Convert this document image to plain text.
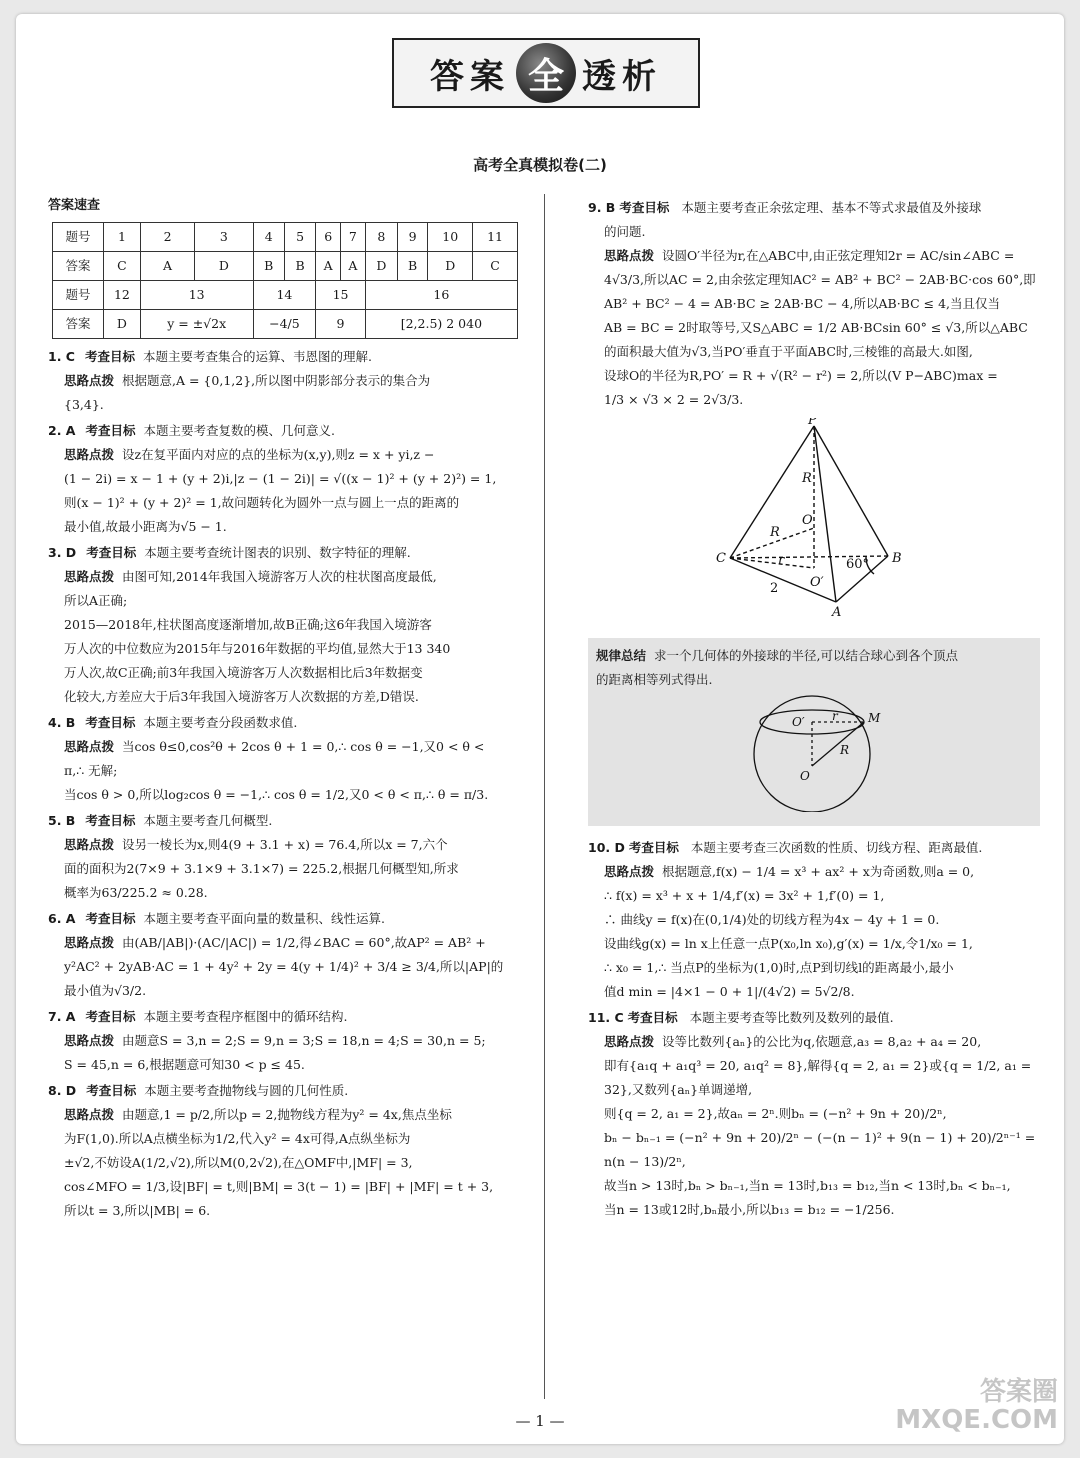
答案 全 透析
高考全真模拟卷(二)
答案速查
题号	1	2	3	4	5	6	7	8	9	10	11
答案	C	A	D	B	B	A	A	D	B	D	C
题号	12	13		14		15		16			
答案	D	y = ±√2x		−4/5		9		[2,2.5) 2 040			
1. C 考查目标 本题主要考查集合的运算、韦恩图的理解.
思路点拨 根据题意,A = {0,1,2},所以图中阴影部分表示的集合为
{3,4}.
2. A 考查目标 本题主要考查复数的模、几何意义.
思路点拨 设z在复平面内对应的点的坐标为(x,y),则z = x + yi,z −
(1 − 2i) = x − 1 + (y + 2)i,|z − (1 − 2i)| = √((x − 1)² + (y + 2)²) = 1,
则(x − 1)² + (y + 2)² = 1,故问题转化为圆外一点与圆上一点的距离的
最小值,故最小距离为√5 − 1.
3. D 考查目标 本题主要考查统计图表的识别、数字特征的理解.
思路点拨 由图可知,2014年我国入境游客万人次的柱状图高度最低,
所以A正确;
2015—2018年,柱状图高度逐渐增加,故B正确;这6年我国入境游客
万人次的中位数应为2015年与2016年数据的平均值,显然大于13 340
万人次,故C正确;前3年我国入境游客万人次数据相比后3年数据变
化较大,方差应大于后3年我国入境游客万人次数据的方差,D错误.
4. B 考查目标 本题主要考查分段函数求值.
思路点拨 当cos θ≤0,cos²θ + 2cos θ + 1 = 0,∴ cos θ = −1,又0 < θ <
π,∴ 无解;
当cos θ > 0,所以log₂cos θ = −1,∴ cos θ = 1/2,又0 < θ < π,∴ θ = π/3.
5. B 考查目标 本题主要考查几何概型.
思路点拨 设另一棱长为x,则4(9 + 3.1 + x) = 76.4,所以x = 7,六个
面的面积为2(7×9 + 3.1×9 + 3.1×7) = 225.2,根据几何概型知,所求
概率为63/225.2 ≈ 0.28.
6. A 考查目标 本题主要考查平面向量的数量积、线性运算.
思路点拨 由(AB/|AB|)·(AC/|AC|) = 1/2,得∠BAC = 60°,故AP² = AB² +
y²AC² + 2yAB·AC = 1 + 4y² + 2y = 4(y + 1/4)² + 3/4 ≥ 3/4,所以|AP|的
最小值为√3/2.
7. A 考查目标 本题主要考查程序框图中的循环结构.
思路点拨 由题意S = 3,n = 2;S = 9,n = 3;S = 18,n = 4;S = 30,n = 5;
S = 45,n = 6,根据题意可知30 < p ≤ 45.
8. D 考查目标 本题主要考查抛物线与圆的几何性质.
思路点拨 由题意,1 = p/2,所以p = 2,抛物线方程为y² = 4x,焦点坐标
为F(1,0).所以A点横坐标为1/2,代入y² = 4x可得,A点纵坐标为
±√2,不妨设A(1/2,√2),所以M(0,2√2),在△OMF中,|MF| = 3,
cos∠MFO = 1/3,设|BF| = t,则|BM| = 3(t − 1) = |BF| + |MF| = t + 3,
所以t = 3,所以|MB| = 6.
9. B 考查目标 本题主要考查正余弦定理、基本不等式求最值及外接球
的问题.
思路点拨 设圆O′半径为r,在△ABC中,由正弦定理知2r = AC/sin∠ABC =
4√3/3,所以AC = 2,由余弦定理知AC² = AB² + BC² − 2AB·BC·cos 60°,即
AB² + BC² − 4 = AB·BC ≥ 2AB·BC − 4,所以AB·BC ≤ 4,当且仅当
AB = BC = 2时取等号,又S△ABC = 1/2 AB·BCsin 60° ≤ √3,所以△ABC
的面积最大值为√3,当PO′垂直于平面ABC时,三棱锥的高最大.如图,
设球O的半径为R,PO′ = R + √(R² − r²) = 2,所以(V P−ABC)max =
1/3 × √3 × 2 = 2√3/3.
P
R
O
R
C	r	60° B
2 O′
A
规律总结 求一个几何体的外接球的半径,可以结合球心到各个顶点
的距离相等列式得出.
O′ r	M
R
O
10. D 考查目标 本题主要考查三次函数的性质、切线方程、距离最值.
思路点拨 根据题意,f(x) − 1/4 = x³ + ax² + x为奇函数,则a = 0,
∴ f(x) = x³ + x + 1/4,f′(x) = 3x² + 1,f′(0) = 1,
∴ 曲线y = f(x)在(0,1/4)处的切线方程为4x − 4y + 1 = 0.
设曲线g(x) = ln x上任意一点P(x₀,ln x₀),g′(x) = 1/x,令1/x₀ = 1,
∴ x₀ = 1,∴ 当点P的坐标为(1,0)时,点P到切线l的距离最小,最小
值d min = |4×1 − 0 + 1|/(4√2) = 5√2/8.
11. C 考查目标 本题主要考查等比数列及数列的最值.
思路点拨 设等比数列{aₙ}的公比为q,依题意,a₃ = 8,a₂ + a₄ = 20,
即有{a₁q + a₁q³ = 20, a₁q² = 8},解得{q = 2, a₁ = 2}或{q = 1/2, a₁ = 32},又数列{aₙ}单调递增,
则{q = 2, a₁ = 2},故aₙ = 2ⁿ.则bₙ = (−n² + 9n + 20)/2ⁿ,
bₙ − bₙ₋₁ = (−n² + 9n + 20)/2ⁿ − (−(n − 1)² + 9(n − 1) + 20)/2ⁿ⁻¹ = n(n − 13)/2ⁿ,
故当n > 13时,bₙ > bₙ₋₁,当n = 13时,b₁₃ = b₁₂,当n < 13时,bₙ < bₙ₋₁,
当n = 13或12时,bₙ最小,所以b₁₃ = b₁₂ = −1/256.
— 1 —
答案圈
MXQE.COM
